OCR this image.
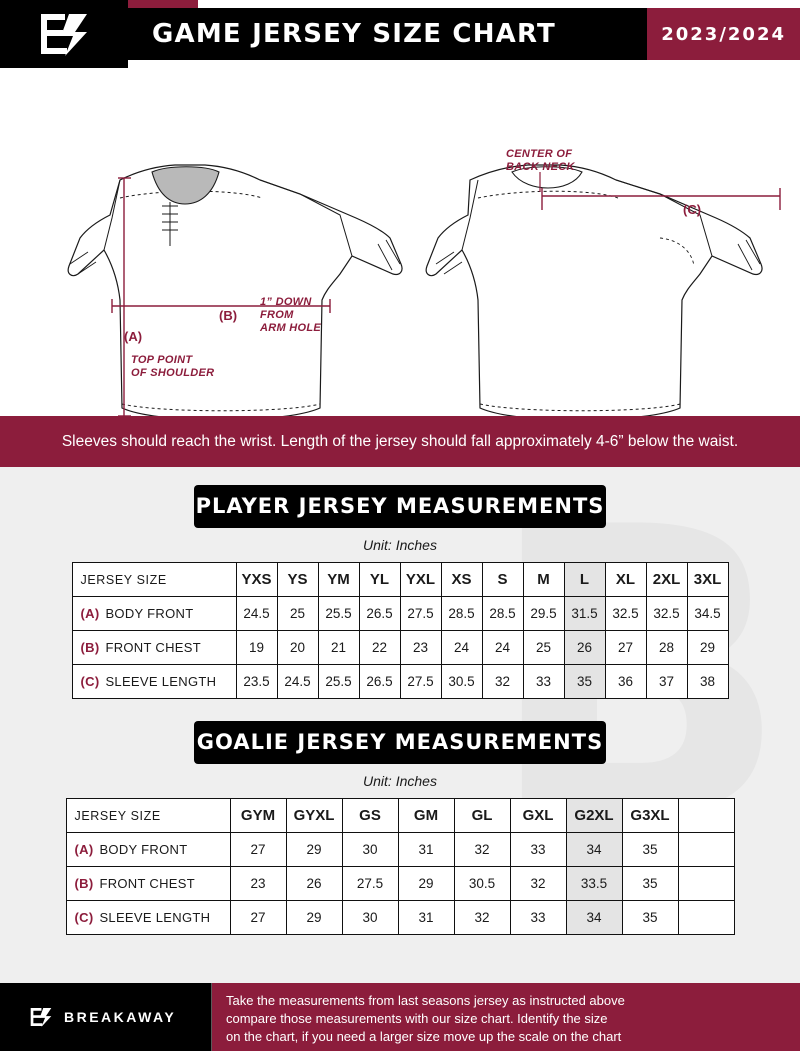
GAME JERSEY SIZE CHART	2023/2024
CENTER OF
BACK NECK
1” DOWN
FROM
ARM HOLE
TOP POINT
OF SHOULDER
(A)
(B)
(C)
Sleeves should reach the wrist. Length of the jersey should fall approximately 4-6” below the waist.
PLAYER JERSEY MEASUREMENTS
Unit: Inches
JERSEY SIZE	YXS	YS	YM	YL	YXL	XS	S	M	L	XL	2XL	3XL
(A) BODY FRONT	24.5	25	25.5	26.5	27.5	28.5	28.5	29.5	31.5	32.5	32.5	34.5
(B) FRONT CHEST	19	20	21	22	23	24	24	25	26	27	28	29
(C) SLEEVE LENGTH	23.5	24.5	25.5	26.5	27.5	30.5	32	33	35	36	37	38
GOALIE JERSEY MEASUREMENTS
Unit: Inches
JERSEY SIZE	GYM	GYXL	GS	GM	GL	GXL	G2XL	G3XL	
(A) BODY FRONT	27	29	30	31	32	33	34	35	
(B) FRONT CHEST	23	26	27.5	29	30.5	32	33.5	35	
(C) SLEEVE LENGTH	27	29	30	31	32	33	34	35	
BREAKAWAY
Take the measurements from last seasons jersey as instructed above
compare those measurements with our size chart. Identify the size
on the chart, if you need a larger size move up the scale on the chart
